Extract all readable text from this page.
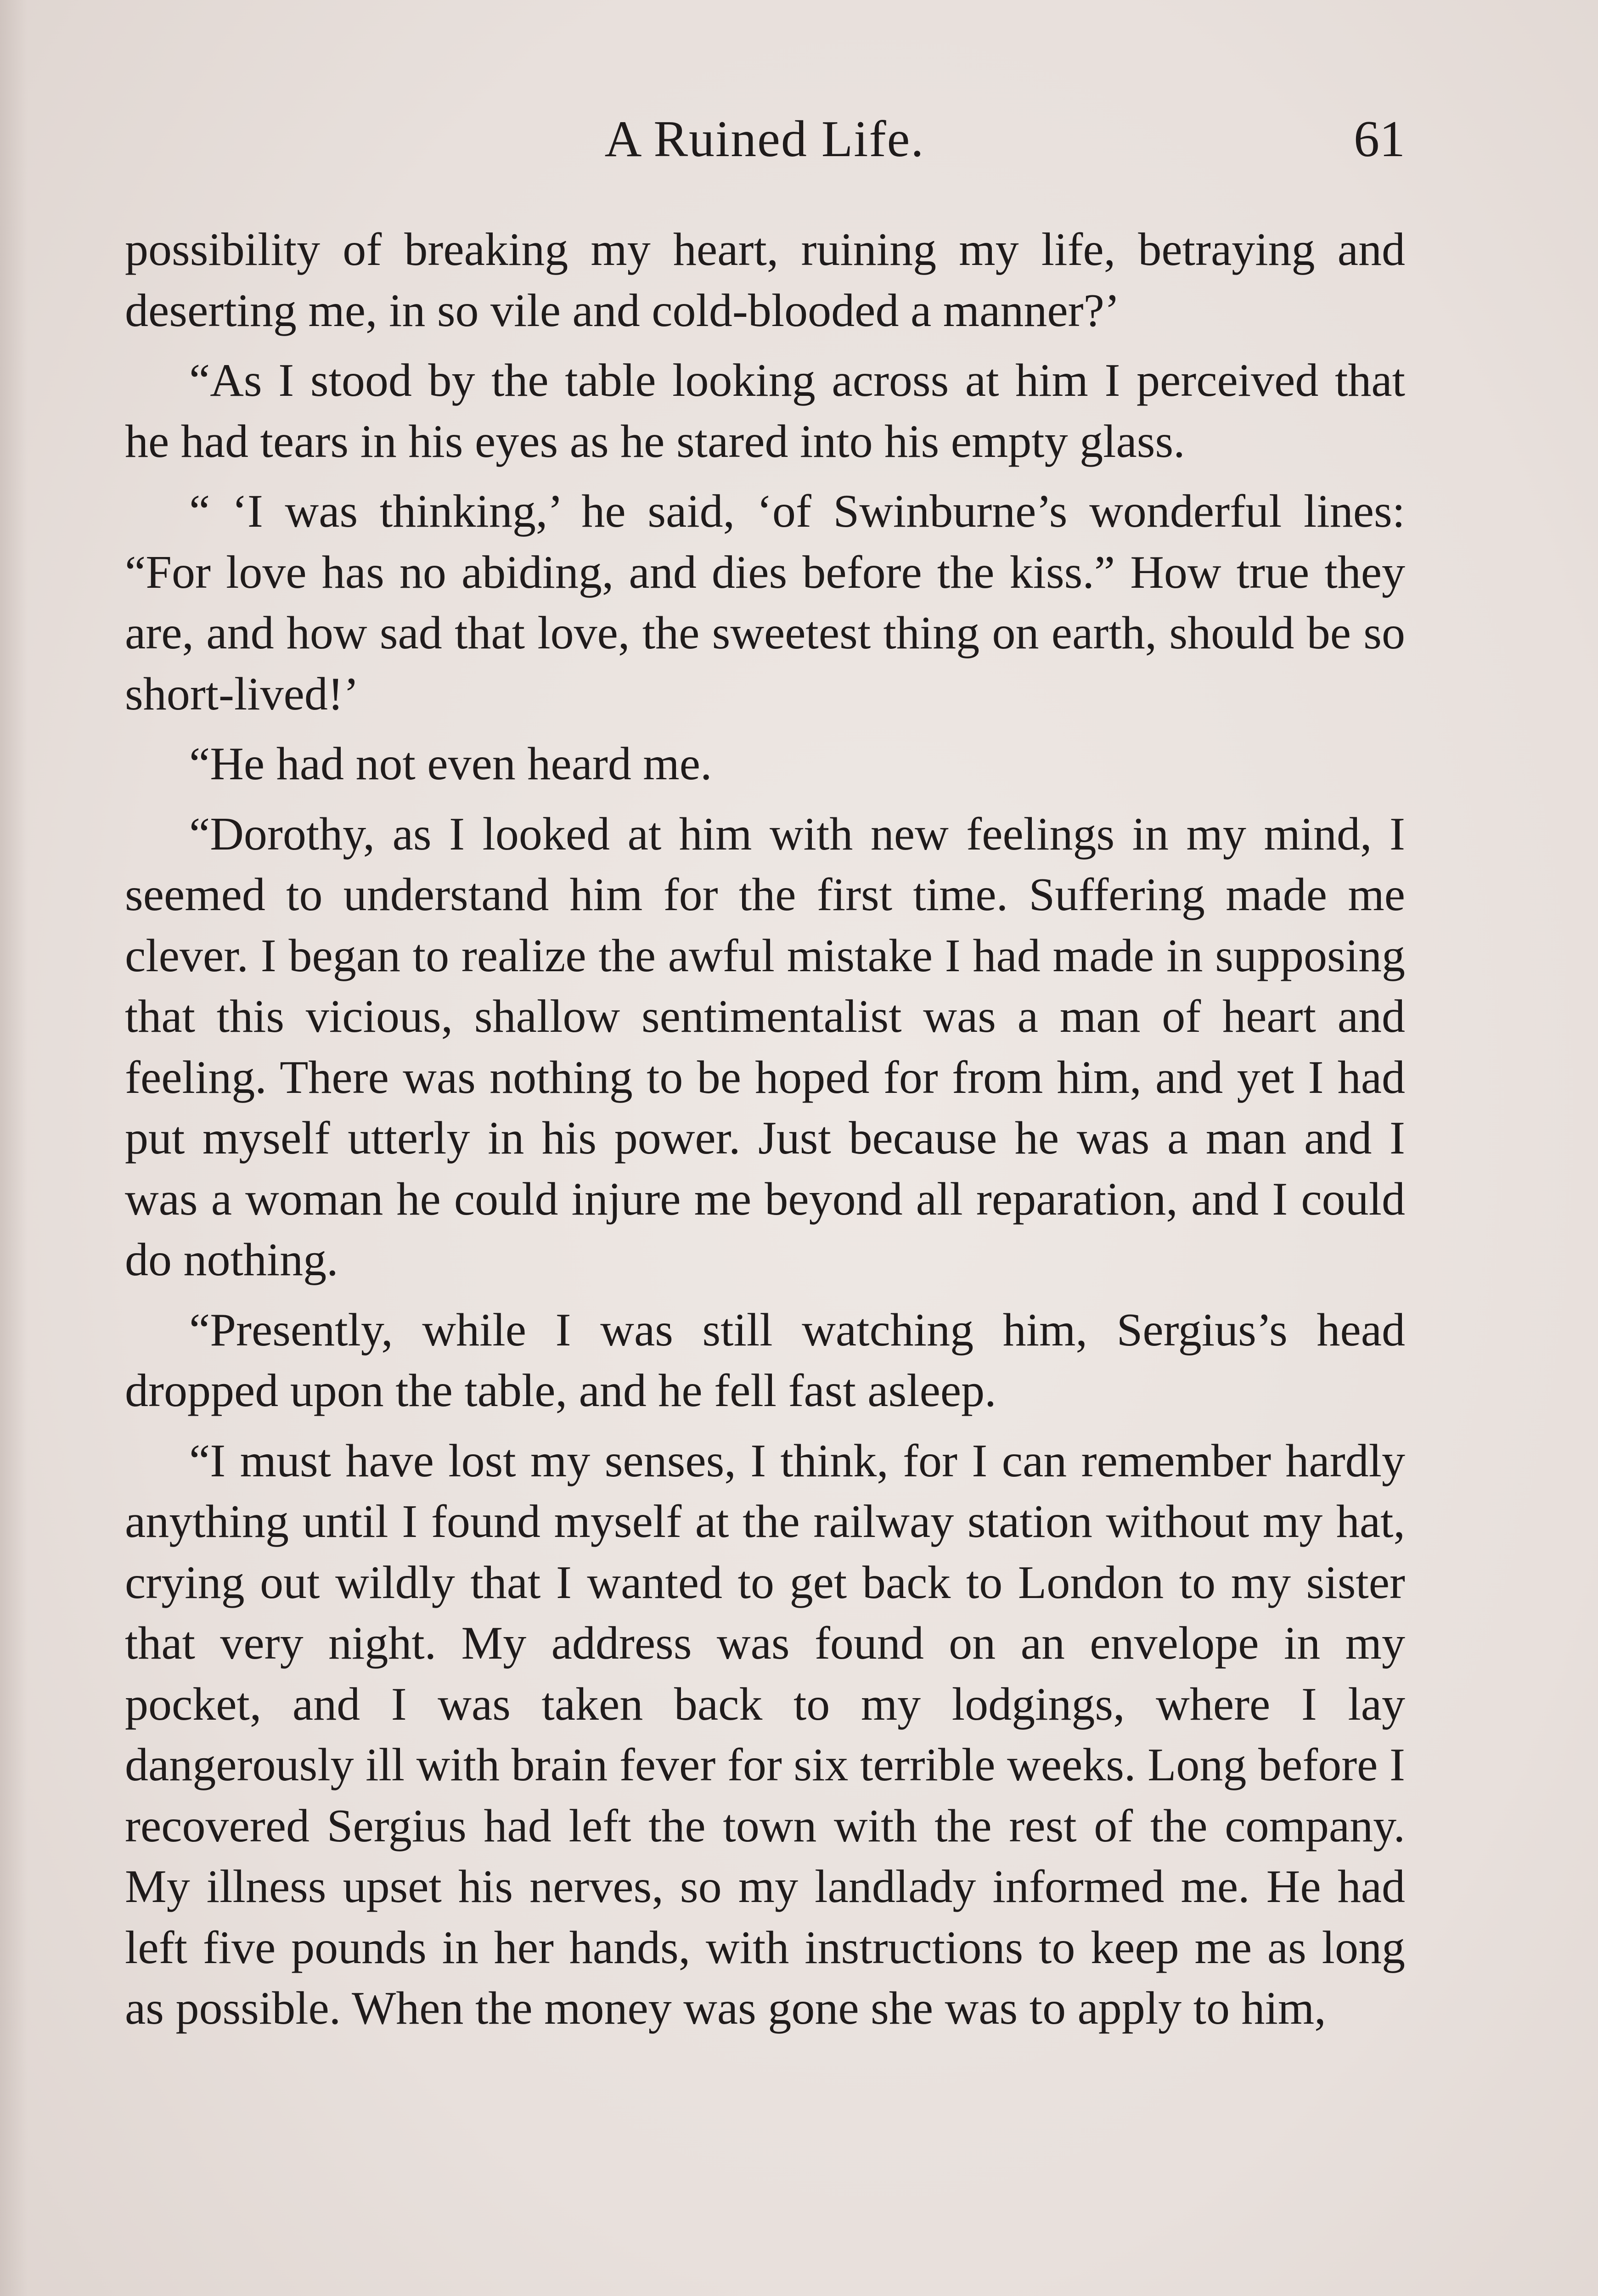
A Ruined Life.	61

possibility of breaking my heart, ruining my life, betraying and deserting me, in so vile and cold-blooded a manner?’

“As I stood by the table looking across at him I perceived that he had tears in his eyes as he stared into his empty glass.

“ ‘I was thinking,’ he said, ‘of Swinburne’s wonderful lines: “For love has no abiding, and dies before the kiss.” How true they are, and how sad that love, the sweetest thing on earth, should be so short-lived!’

“He had not even heard me.

“Dorothy, as I looked at him with new feelings in my mind, I seemed to understand him for the first time. Suffering made me clever. I began to realize the awful mistake I had made in supposing that this vicious, shallow sentimentalist was a man of heart and feeling. There was nothing to be hoped for from him, and yet I had put myself utterly in his power. Just because he was a man and I was a woman he could injure me beyond all reparation, and I could do nothing.

“Presently, while I was still watching him, Sergius’s head dropped upon the table, and he fell fast asleep.

“I must have lost my senses, I think, for I can remember hardly anything until I found myself at the railway station without my hat, crying out wildly that I wanted to get back to London to my sister that very night. My address was found on an envelope in my pocket, and I was taken back to my lodgings, where I lay dangerously ill with brain fever for six terrible weeks. Long before I recovered Sergius had left the town with the rest of the company. My illness upset his nerves, so my landlady informed me. He had left five pounds in her hands, with instructions to keep me as long as possible. When the money was gone she was to apply to him,
